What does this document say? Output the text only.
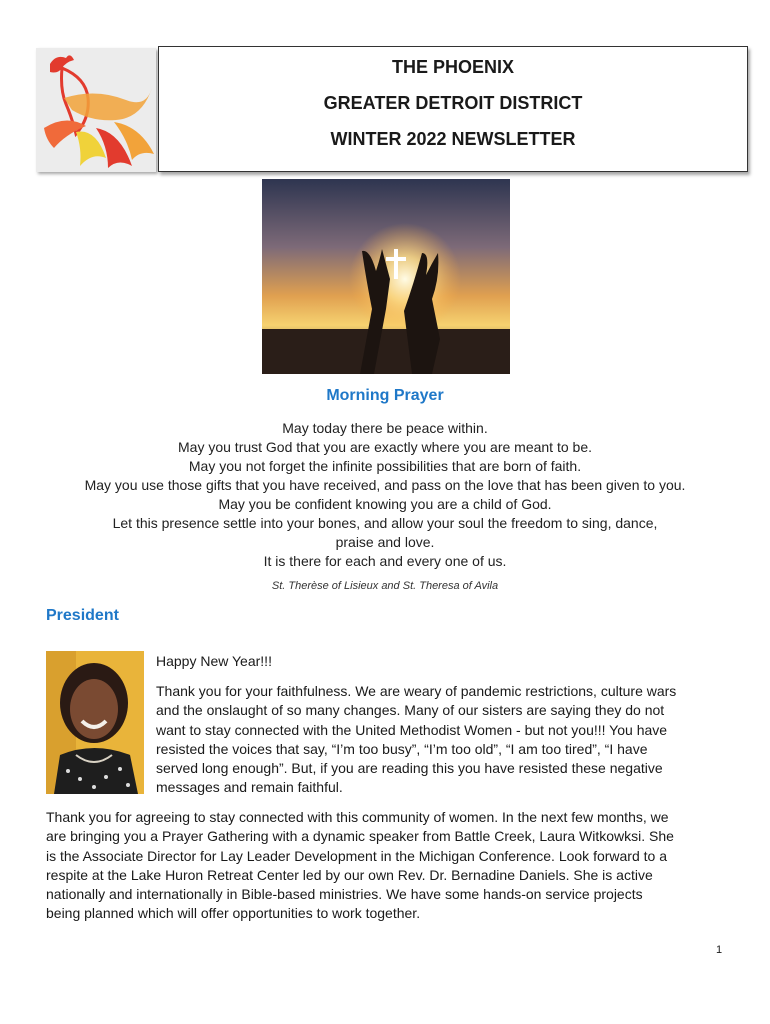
THE PHOENIX
GREATER DETROIT DISTRICT
WINTER 2022 NEWSLETTER
Morning Prayer
May today there be peace within.
May you trust God that you are exactly where you are meant to be.
May you not forget the infinite possibilities that are born of faith.
May you use those gifts that you have received, and pass on the love that has been given to you.
May you be confident knowing you are a child of God.
Let this presence settle into your bones, and allow your soul the freedom to sing, dance,
praise and love.
It is there for each and every one of us.
St. Therèse of Lisieux and St. Theresa of Avila
President
Happy New Year!!!
Thank you for your faithfulness. We are weary of pandemic restrictions, culture wars
and the onslaught of so many changes. Many of our sisters are saying they do not
want to stay connected with the United Methodist Women - but not you!!! You have
resisted the voices that say, “I’m too busy”, “I’m too old”, “I am too tired”, “I have
served long enough”. But, if you are reading this you have resisted these negative
messages and remain faithful.
Thank you for agreeing to stay connected with this community of women. In the next few months, we
are bringing you a Prayer Gathering with a dynamic speaker from Battle Creek, Laura Witkowksi. She
is the Associate Director for Lay Leader Development in the Michigan Conference. Look forward to a
respite at the Lake Huron Retreat Center led by our own Rev. Dr. Bernadine Daniels. She is active
nationally and internationally in Bible-based ministries. We have some hands-on service projects
being planned which will offer opportunities to work together.
1
